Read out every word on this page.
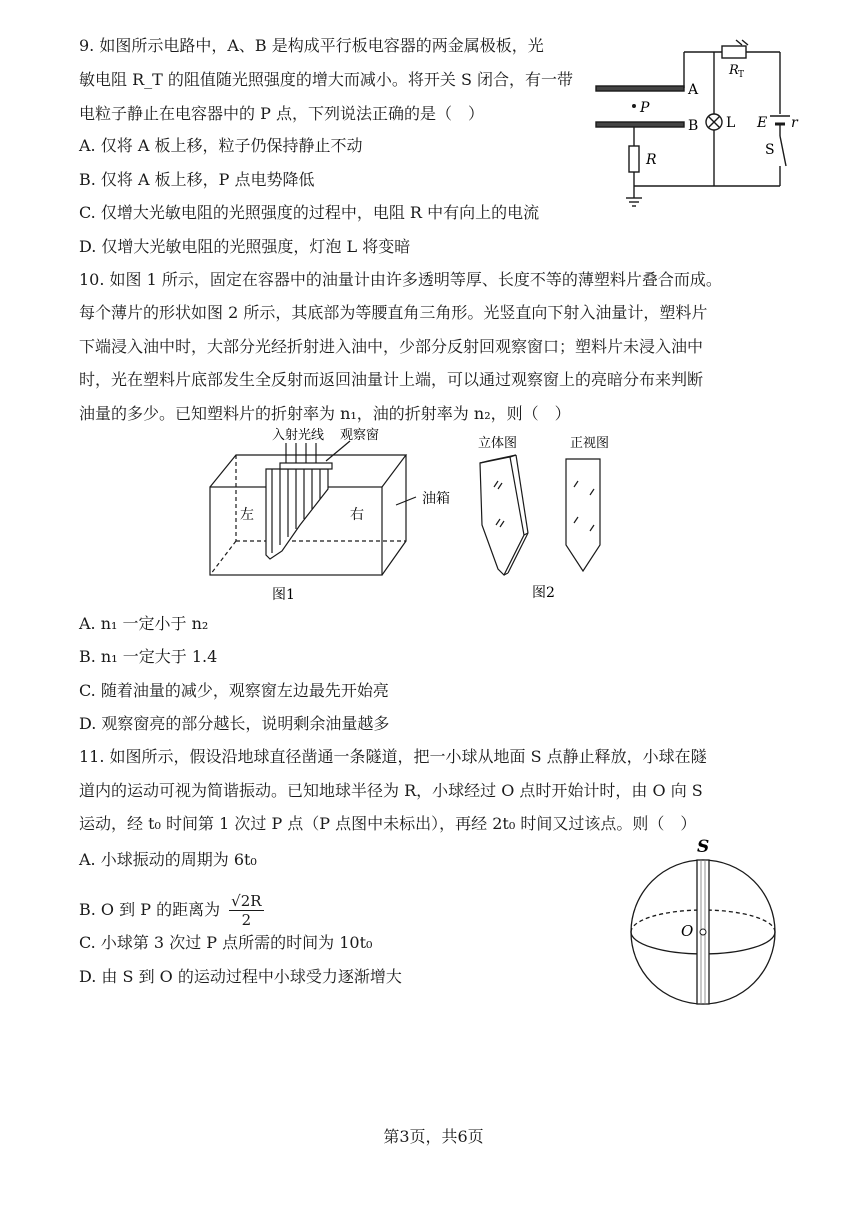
9. 如图所示电路中，A、B 是构成平行板电容器的两金属极板，光
敏电阻 R_T 的阻值随光照强度的增大而减小。将开关 S 闭合，有一带
电粒子静止在电容器中的 P 点，下列说法正确的是（　）
A. 仅将 A 板上移，粒子仍保持静止不动
B. 仅将 A 板上移，P 点电势降低
C. 仅增大光敏电阻的光照强度的过程中，电阻 R 中有向上的电流
D. 仅增大光敏电阻的光照强度，灯泡 L 将变暗
A
B
P
R
R T
L E r
S
10. 如图 1 所示，固定在容器中的油量计由许多透明等厚、长度不等的薄塑料片叠合而成。
每个薄片的形状如图 2 所示，其底部为等腰直角三角形。光竖直向下射入油量计，塑料片
下端浸入油中时，大部分光经折射进入油中，少部分反射回观察窗口；塑料片未浸入油中
时，光在塑料片底部发生全反射而返回油量计上端，可以通过观察窗上的亮暗分布来判断
油量的多少。已知塑料片的折射率为 n₁，油的折射率为 n₂，则（　）
入射光线 观察窗
左	右
油箱
图1
立体图	正视图
图2
A. n₁ 一定小于 n₂
B. n₁ 一定大于 1.4
C. 随着油量的减少，观察窗左边最先开始亮
D. 观察窗亮的部分越长，说明剩余油量越多
11. 如图所示，假设沿地球直径凿通一条隧道，把一小球从地面 S 点静止释放，小球在隧
道内的运动可视为简谐振动。已知地球半径为 R，小球经过 O 点时开始计时，由 O 向 S
运动，经 t₀ 时间第 1 次过 P 点（P 点图中未标出），再经 2t₀ 时间又过该点。则（　）
A. 小球振动的周期为 6t₀
B. O 到 P 的距离为 $\frac{√2R}{2}$
C. 小球第 3 次过 P 点所需的时间为 10t₀
D. 由 S 到 O 的运动过程中小球受力逐渐增大
S
O
第3页，共6页
